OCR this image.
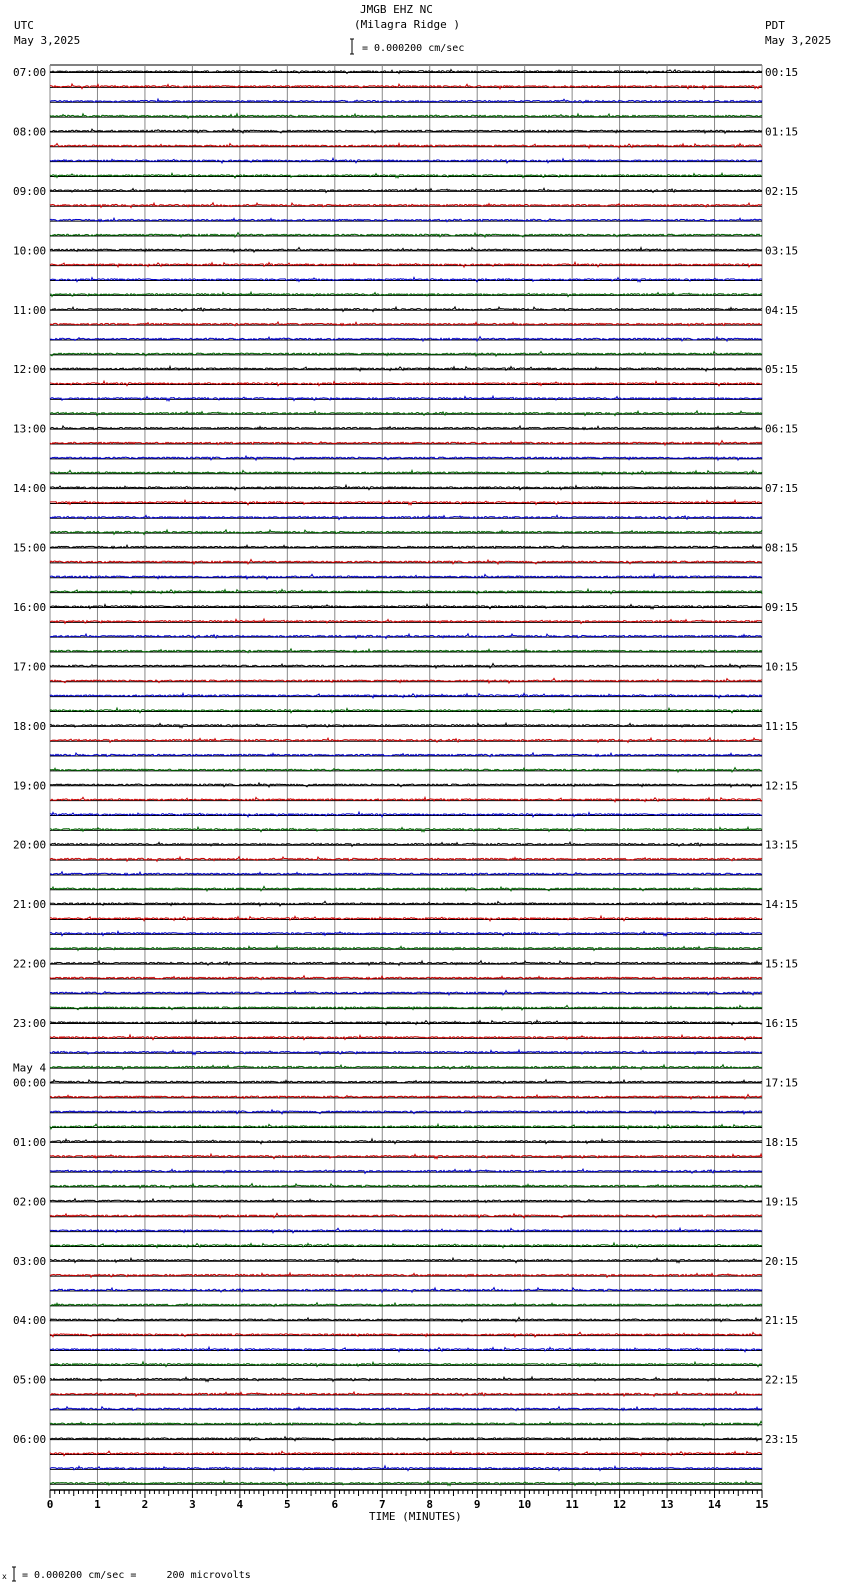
JMGB EHZ NC
(Milagra Ridge )
UTC
May 3,2025
PDT
May 3,2025
= 0.000200 cm/sec
TIME (MINUTES)
x = 0.000200 cm/sec =     200 microvolts
0	1	2	3	4	5	6	7	8	9	10	11	12	13	14	15
07:00
08:00
09:00
10:00
11:00
12:00
13:00
14:00
15:00
16:00
17:00
18:00
19:00
20:00
21:00
22:00
23:00
00:00
May 4
01:00
02:00
03:00
04:00
05:00
06:00
00:15
01:15
02:15
03:15
04:15
05:15
06:15
07:15
08:15
09:15
10:15
11:15
12:15
13:15
14:15
15:15
16:15
17:15
18:15
19:15
20:15
21:15
22:15
23:15
